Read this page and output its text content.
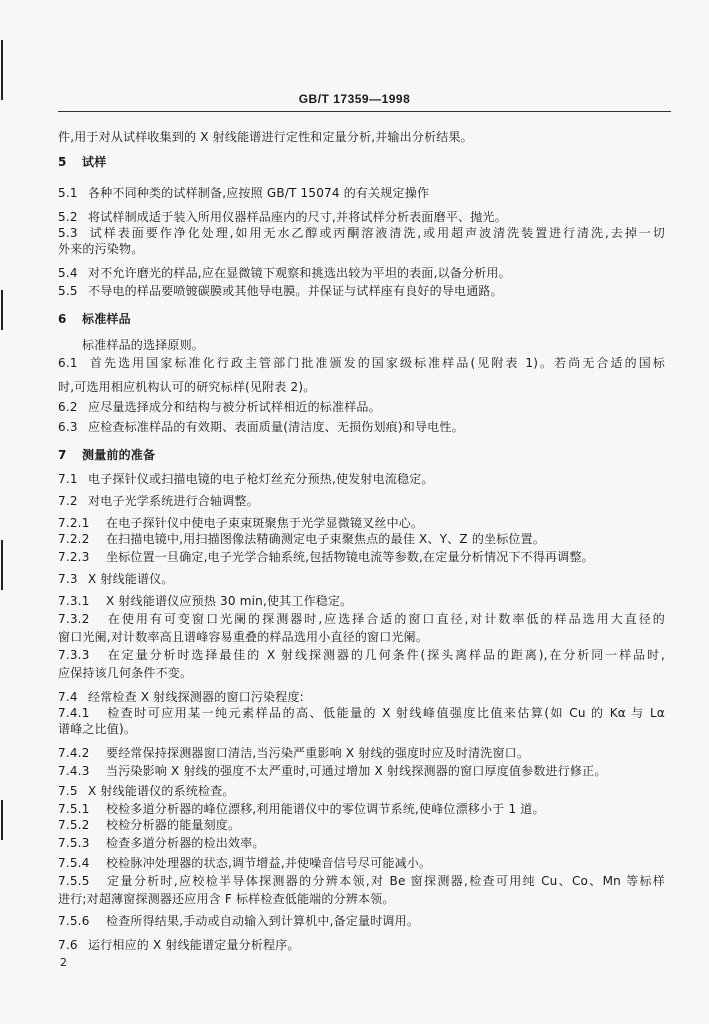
GB/T 17359—1998
件,用于对从试样收集到的 X 射线能谱进行定性和定量分析,并输出分析结果。
5 试样
5.1 各种不同种类的试样制备,应按照 GB/T 15074 的有关规定操作
5.2 将试样制成适于装入所用仪器样品座内的尺寸,并将试样分析表面磨平、抛光。
5.3 试样表面要作净化处理,如用无水乙醇或丙酮溶液清洗,或用超声波清洗装置进行清洗,去掉一切
外来的污染物。
5.4 对不允许磨光的样品,应在显微镜下观察和挑选出较为平坦的表面,以备分析用。
5.5 不导电的样品要喷镀碳膜或其他导电膜。并保证与试样座有良好的导电通路。
6 标准样品
标准样品的选择原则。
6.1 首先选用国家标准化行政主管部门批准颁发的国家级标准样品(见附表 1)。若尚无合适的国标
时,可选用相应机构认可的研究标样(见附表 2)。
6.2 应尽量选择成分和结构与被分析试样相近的标准样品。
6.3 应检查标准样品的有效期、表面质量(清洁度、无损伤划痕)和导电性。
7 测量前的准备
7.1 电子探针仪或扫描电镜的电子枪灯丝充分预热,使发射电流稳定。
7.2 对电子光学系统进行合轴调整。
7.2.1 在电子探针仪中使电子束束斑聚焦于光学显微镜叉丝中心。
7.2.2 在扫描电镜中,用扫描图像法精确测定电子束聚焦点的最佳 X、Y、Z 的坐标位置。
7.2.3 坐标位置一旦确定,电子光学合轴系统,包括物镜电流等参数,在定量分析情况下不得再调整。
7.3 X 射线能谱仪。
7.3.1 X 射线能谱仪应预热 30 min,使其工作稳定。
7.3.2 在使用有可变窗口光阑的探测器时,应选择合适的窗口直径,对计数率低的样品选用大直径的
窗口光阑,对计数率高且谱峰容易重叠的样品选用小直径的窗口光阑。
7.3.3 在定量分析时选择最佳的 X 射线探测器的几何条件(探头离样品的距离),在分析同一样品时,
应保持该几何条件不变。
7.4 经常检查 X 射线探测器的窗口污染程度:
7.4.1 检查时可应用某一纯元素样品的高、低能量的 X 射线峰值强度比值来估算(如 Cu 的 Kα 与 Lα
谱峰之比值)。
7.4.2 要经常保持探测器窗口清洁,当污染严重影响 X 射线的强度时应及时清洗窗口。
7.4.3 当污染影响 X 射线的强度不太严重时,可通过增加 X 射线探测器的窗口厚度值参数进行修正。
7.5 X 射线能谱仪的系统检查。
7.5.1 校检多道分析器的峰位漂移,利用能谱仪中的零位调节系统,使峰位漂移小于 1 道。
7.5.2 校检分析器的能量刻度。
7.5.3 检查多道分析器的检出效率。
7.5.4 校检脉冲处理器的状态,调节增益,并使噪音信号尽可能减小。
7.5.5 定量分析时,应校检半导体探测器的分辨本领,对 Be 窗探测器,检查可用纯 Cu、Co、Mn 等标样
进行;对超薄窗探测器还应用含 F 标样检查低能端的分辨本领。
7.5.6 检查所得结果,手动或自动输入到计算机中,备定量时调用。
7.6 运行相应的 X 射线能谱定量分析程序。
2
